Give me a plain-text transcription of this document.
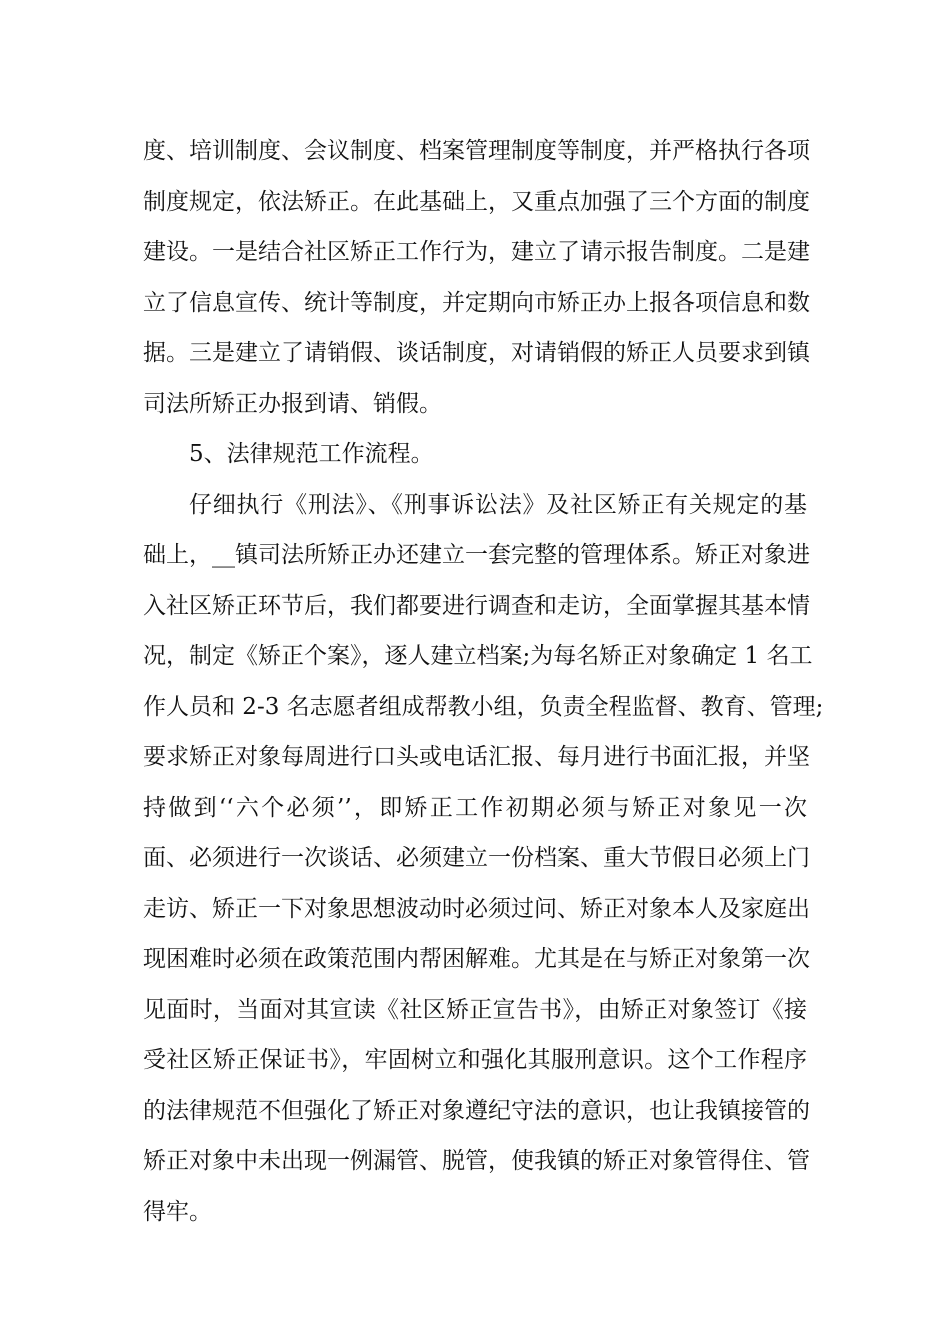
度、培训制度、会议制度、档案管理制度等制度，并严格执行各项
制度规定，依法矫正。在此基础上，又重点加强了三个方面的制度
建设。一是结合社区矫正工作行为，建立了请示报告制度。二是建
立了信息宣传、统计等制度，并定期向市矫正办上报各项信息和数
据。三是建立了请销假、谈话制度，对请销假的矫正人员要求到镇
司法所矫正办报到请、销假。
5、法律规范工作流程。
仔细执行《刑法》、《刑事诉讼法》及社区矫正有关规定的基
础上，__镇司法所矫正办还建立一套完整的管理体系。矫正对象进
入社区矫正环节后，我们都要进行调查和走访，全面掌握其基本情
况，制定《矫正个案》，逐人建立档案;为每名矫正对象确定 1 名工
作人员和 2-3 名志愿者组成帮教小组，负责全程监督、教育、管理;
要求矫正对象每周进行口头或电话汇报、每月进行书面汇报，并坚
持做到‘‘六个必须’’，即矫正工作初期必须与矫正对象见一次
面、必须进行一次谈话、必须建立一份档案、重大节假日必须上门
走访、矫正一下对象思想波动时必须过问、矫正对象本人及家庭出
现困难时必须在政策范围内帮困解难。尤其是在与矫正对象第一次
见面时，当面对其宣读《社区矫正宣告书》，由矫正对象签订《接
受社区矫正保证书》，牢固树立和强化其服刑意识。这个工作程序
的法律规范不但强化了矫正对象遵纪守法的意识，也让我镇接管的
矫正对象中未出现一例漏管、脱管，使我镇的矫正对象管得住、管
得牢。
